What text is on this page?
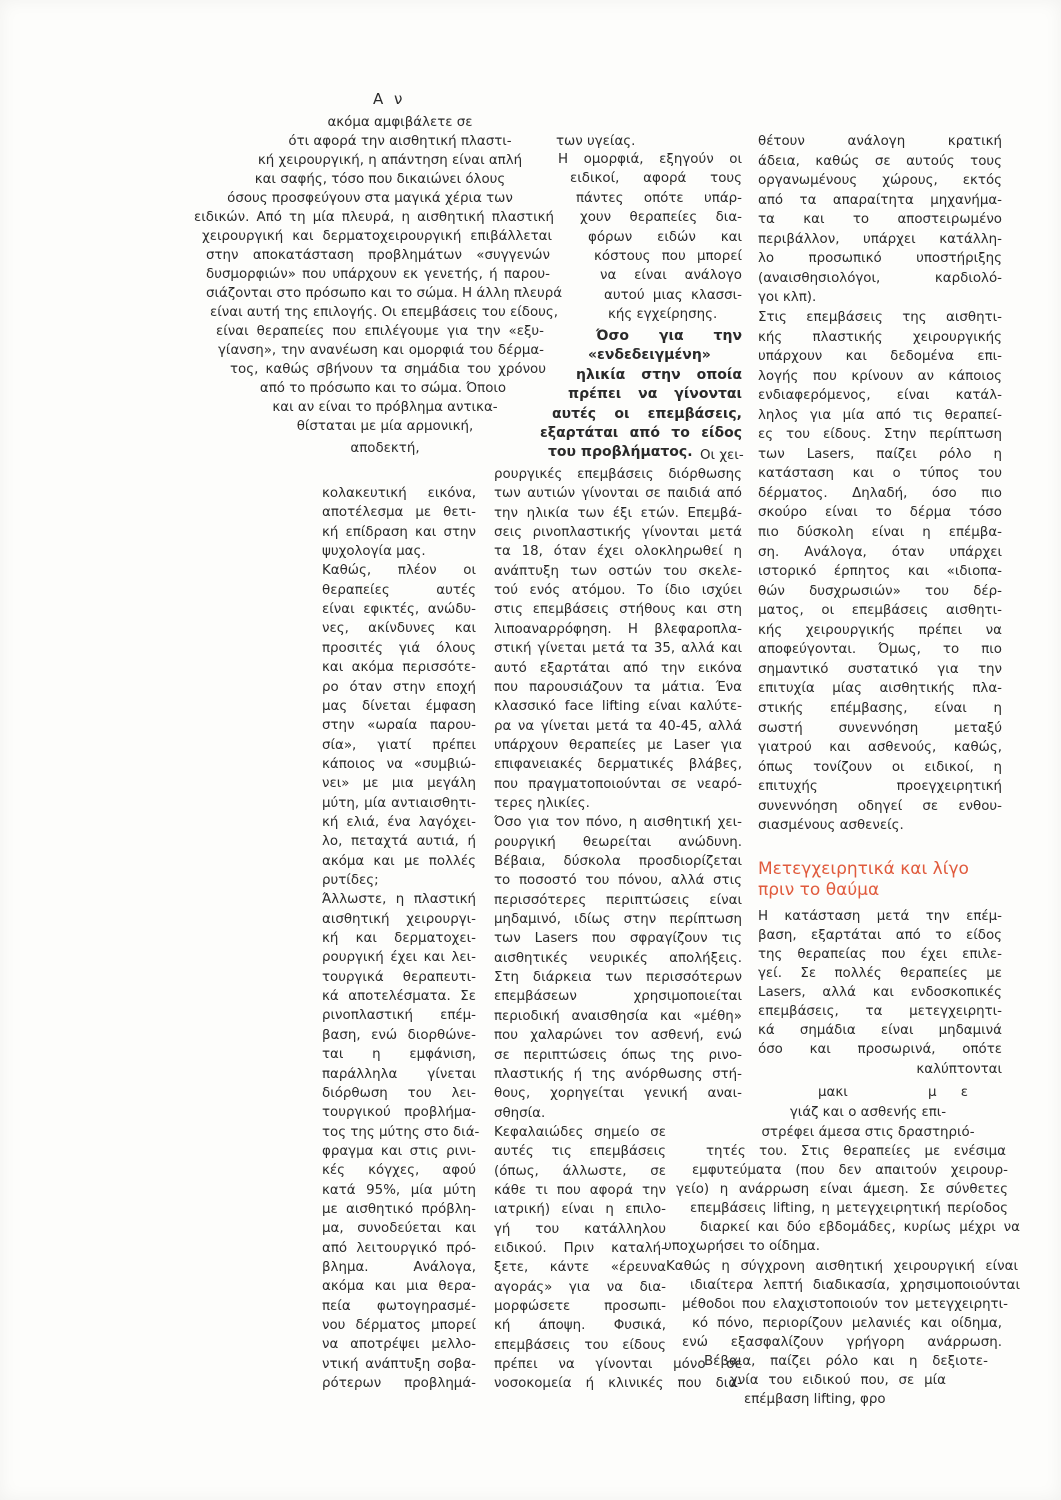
Α ν
ακόμα αμφιβάλετε σε
ότι αφορά την αισθητική πλαστι-
κή χειρουργική, η απάντηση είναι απλή
και σαφής, τόσο που δικαιώνει όλους
όσους προσφεύγουν στα μαγικά χέρια των
ειδικών. Από τη μία πλευρά, η αισθητική πλαστική
χειρουργική και δερματοχειρουργική επιβάλλεται
στην αποκατάσταση προβλημάτων «συγγενών
δυσμορφιών» που υπάρχουν εκ γενετής, ή παρου-
σιάζονται στο πρόσωπο και το σώμα. Η άλλη πλευρά
είναι αυτή της επιλογής. Οι επεμβάσεις του είδους,
είναι θεραπείες που επιλέγουμε για την «εξυ-
γίανση», την ανανέωση και ομορφιά του δέρμα-
τος, καθώς σβήνουν τα σημάδια του χρόνου
από το πρόσωπο και το σώμα. Όποιο
και αν είναι το πρόβλημα αντικα-
θίσταται με μία αρμονική,
αποδεκτή,
κολακευτική εικόνα,
αποτέλεσμα με θετι-
κή επίδραση και στην
ψυχολογία μας.
Καθώς, πλέον οι
θεραπείες αυτές
είναι εφικτές, ανώδυ-
νες, ακίνδυνες και
προσιτές γιά όλους
και ακόμα περισσότε-
ρο όταν στην εποχή
μας δίνεται έμφαση
στην «ωραία παρου-
σία», γιατί πρέπει
κάποιος να «συμβιώ-
νει» με μια μεγάλη
μύτη, μία αντιαισθητι-
κή ελιά, ένα λαγόχει-
λο, πεταχτά αυτιά, ή
ακόμα και με πολλές
ρυτίδες;
Άλλωστε, η πλαστική
αισθητική χειρουργι-
κή και δερματοχει-
ρουργική έχει και λει-
τουργικά θεραπευτι-
κά αποτελέσματα. Σε
ρινοπλαστική επέμ-
βαση, ενώ διορθώνε-
ται η εμφάνιση,
παράλληλα γίνεται
διόρθωση του λει-
τουργικού προβλήμα-
τος της μύτης στο διά-
φραγμα και στις ρινι-
κές κόγχες, αφού
κατά 95%, μία μύτη
με αισθητικό πρόβλη-
μα, συνοδεύεται και
από λειτουργικό πρό-
βλημα. Ανάλογα,
ακόμα και μια θερα-
πεία φωτογηρασμέ-
νου δέρματος μπορεί
να αποτρέψει μελλο-
ντική ανάπτυξη σοβα-
ρότερων προβλημά-
των υγείας.
Η ομορφιά, εξηγούν οι
ειδικοί, αφορά τους
πάντες οπότε υπάρ-
χουν θεραπείες δια-
φόρων ειδών και
κόστους που μπορεί
να είναι ανάλογο
αυτού μιας κλασσι-
κής εγχείρησης.
Όσο για την
«ενδεδειγμένη»
ηλικία στην οποία
πρέπει να γίνονται
αυτές οι επεμβάσεις,
εξαρτάται από το είδος
του προβλήματος. Οι χει-
ρουργικές επεμβάσεις διόρθωσης
των αυτιών γίνονται σε παιδιά από
την ηλικία των έξι ετών. Επεμβά-
σεις ρινοπλαστικής γίνονται μετά
τα 18, όταν έχει ολοκληρωθεί η
ανάπτυξη των οστών του σκελε-
τού ενός ατόμου. Το ίδιο ισχύει
στις επεμβάσεις στήθους και στη
λιποαναρρόφηση. Η βλεφαροπλα-
στική γίνεται μετά τα 35, αλλά και
αυτό εξαρτάται από την εικόνα
που παρουσιάζουν τα μάτια. Ένα
κλασσικό face lifting είναι καλύτε-
ρα να γίνεται μετά τα 40-45, αλλά
υπάρχουν θεραπείες με Laser για
επιφανειακές δερματικές βλάβες,
που πραγματοποιούνται σε νεαρό-
τερες ηλικίες.
Όσο για τον πόνο, η αισθητική χει-
ρουργική θεωρείται ανώδυνη.
Βέβαια, δύσκολα προσδιορίζεται
το ποσοστό του πόνου, αλλά στις
περισσότερες περιπτώσεις είναι
μηδαμινό, ιδίως στην περίπτωση
των Lasers που σφραγίζουν τις
αισθητικές νευρικές απολήξεις.
Στη διάρκεια των περισσότερων
επεμβάσεων χρησιμοποιείται
περιοδική αναισθησία και «μέθη»
που χαλαρώνει τον ασθενή, ενώ
σε περιπτώσεις όπως της ρινο-
πλαστικής ή της ανόρθωσης στή-
θους, χορηγείται γενική αναι-
σθησία.
Κεφαλαιώδες σημείο σε
αυτές τις επεμβάσεις
(όπως, άλλωστε, σε
κάθε τι που αφορά την
ιατρική) είναι η επιλο-
γή του κατάλληλου
ειδικού. Πριν καταλή-
ξετε, κάντε «έρευνα
αγοράς» για να δια-
μορφώσετε προσωπι-
κή άποψη. Φυσικά,
επεμβάσεις του είδους
πρέπει να γίνονται μόνο σε
νοσοκομεία ή κλινικές που δια-
θέτουν ανάλογη κρατική
άδεια, καθώς σε αυτούς τους
οργανωμένους χώρους, εκτός
από τα απαραίτητα μηχανήμα-
τα και το αποστειρωμένο
περιβάλλον, υπάρχει κατάλλη-
λο προσωπικό υποστήριξης
(αναισθησιολόγοι, καρδιολό-
γοι κλπ).
Στις επεμβάσεις της αισθητι-
κής πλαστικής χειρουργικής
υπάρχουν και δεδομένα επι-
λογής που κρίνουν αν κάποιος
ενδιαφερόμενος, είναι κατάλ-
ληλος για μία από τις θεραπεί-
ες του είδους. Στην περίπτωση
των Lasers, παίζει ρόλο η
κατάσταση και ο τύπος του
δέρματος. Δηλαδή, όσο πιο
σκούρο είναι το δέρμα τόσο
πιο δύσκολη είναι η επέμβα-
ση. Ανάλογα, όταν υπάρχει
ιστορικό έρπητος και «ιδιοπα-
θών δυσχρωσιών» του δέρ-
ματος, οι επεμβάσεις αισθητι-
κής χειρουργικής πρέπει να
αποφεύγονται. Όμως, το πιο
σημαντικό συστατικό για την
επιτυχία μίας αισθητικής πλα-
στικής επέμβασης, είναι η
σωστή συνεννόηση μεταξύ
γιατρού και ασθενούς, καθώς,
όπως τονίζουν οι ειδικοί, η
επιτυχής προεγχειρητική
συνεννόηση οδηγεί σε ενθου-
σιασμένους ασθενείς.
Μετεγχειρητικά και λίγο
πριν το θαύμα
Η κατάσταση μετά την επέμ-
βαση, εξαρτάται από το είδος
της θεραπείας που έχει επιλε-
γεί. Σε πολλές θεραπείες με
Lasers, αλλά και ενδοσκοπικές
επεμβάσεις, τα μετεγχειρητι-
κά σημάδια είναι μηδαμινά
όσο και προσωρινά, οπότε
καλύπτονται
μακι	μ ε
γιάζ και ο ασθενής επι-
στρέφει άμεσα στις δραστηριό-
τητές του. Στις θεραπείες με ενέσιμα
εμφυτεύματα (που δεν απαιτούν χειρουρ-
γείο) η ανάρρωση είναι άμεση. Σε σύνθετες
επεμβάσεις lifting, η μετεγχειρητική περίοδος
διαρκεί και δύο εβδομάδες, κυρίως μέχρι να
υποχωρήσει το οίδημα.
Καθώς η σύγχρονη αισθητική χειρουργική είναι
ιδιαίτερα λεπτή διαδικασία, χρησιμοποιούνται
μέθοδοι που ελαχιστοποιούν τον μετεγχειρητι-
κό πόνο, περιορίζουν μελανιές και οίδημα,
ενώ εξασφαλίζουν γρήγορη ανάρρωση.
Βέβαια, παίζει ρόλο και η δεξιοτε-
χνία του ειδικού που, σε μία
επέμβαση lifting, φρο
